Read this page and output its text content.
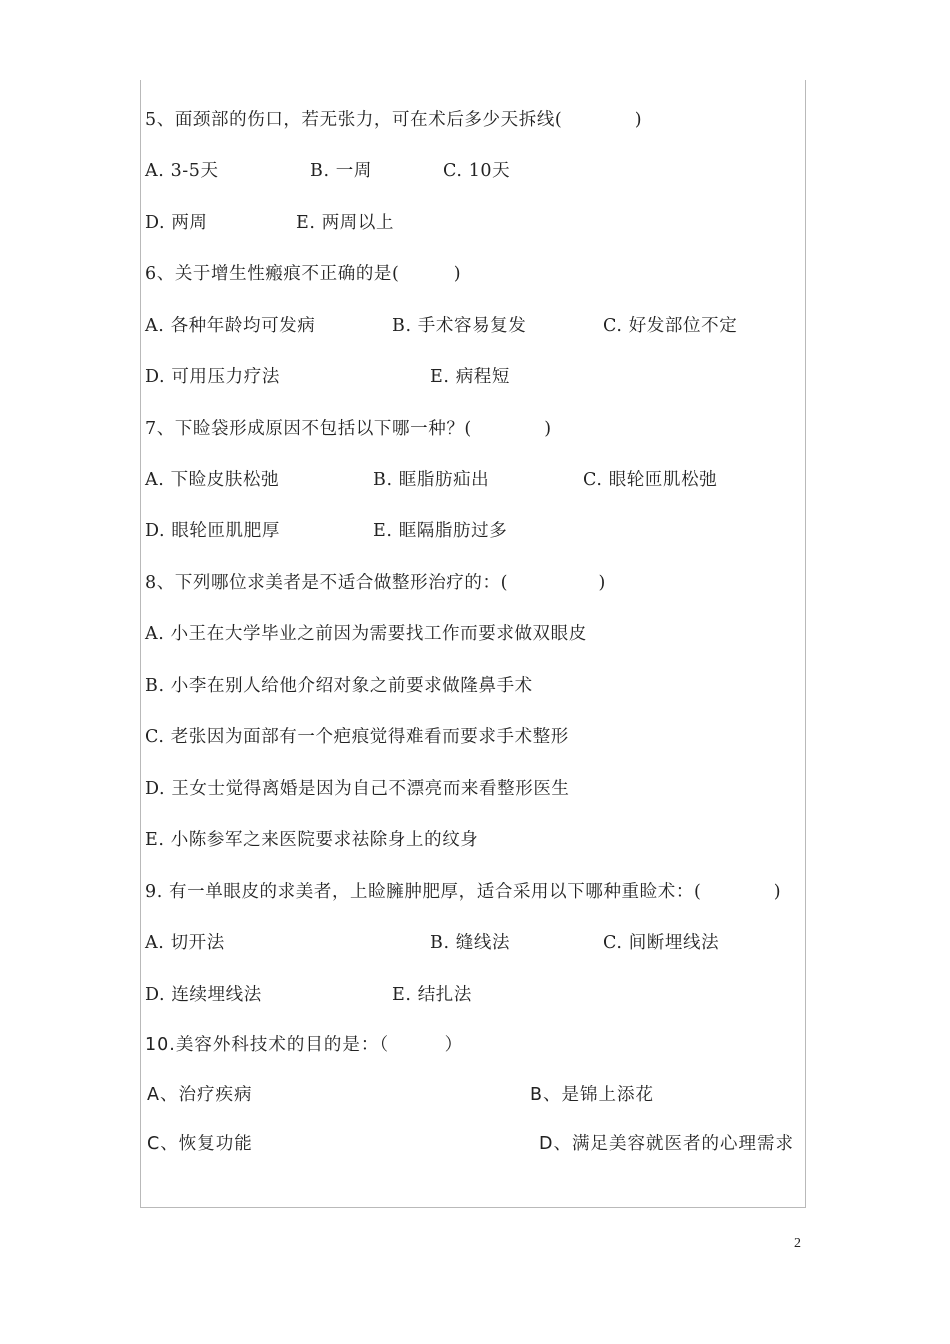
5、面颈部的伤口，若无张力，可在术后多少天拆线(　　　　)
A. 3-5天	B. 一周	C. 10天
D. 两周	E. 两周以上
6、关于增生性瘢痕不正确的是(　　　)
A. 各种年龄均可发病	B. 手术容易复发	C. 好发部位不定
D. 可用压力疗法	E. 病程短
7、下睑袋形成原因不包括以下哪一种？(　　　　)
A. 下睑皮肤松弛	B. 眶脂肪疝出	C. 眼轮匝肌松弛
D. 眼轮匝肌肥厚	E. 眶隔脂肪过多
8、下列哪位求美者是不适合做整形治疗的：(　　　　　)
A. 小王在大学毕业之前因为需要找工作而要求做双眼皮
B. 小李在别人给他介绍对象之前要求做隆鼻手术
C. 老张因为面部有一个疤痕觉得难看而要求手术整形
D. 王女士觉得离婚是因为自己不漂亮而来看整形医生
E. 小陈参军之来医院要求祛除身上的纹身
9. 有一单眼皮的求美者，上睑臃肿肥厚，适合采用以下哪种重睑术：(　　　　)
A. 切开法	B. 缝线法	C. 间断埋线法
D. 连续埋线法	E. 结扎法
10.美容外科技术的目的是：（　　　）
A、治疗疾病	B、是锦上添花
C、恢复功能	D、满足美容就医者的心理需求
2
